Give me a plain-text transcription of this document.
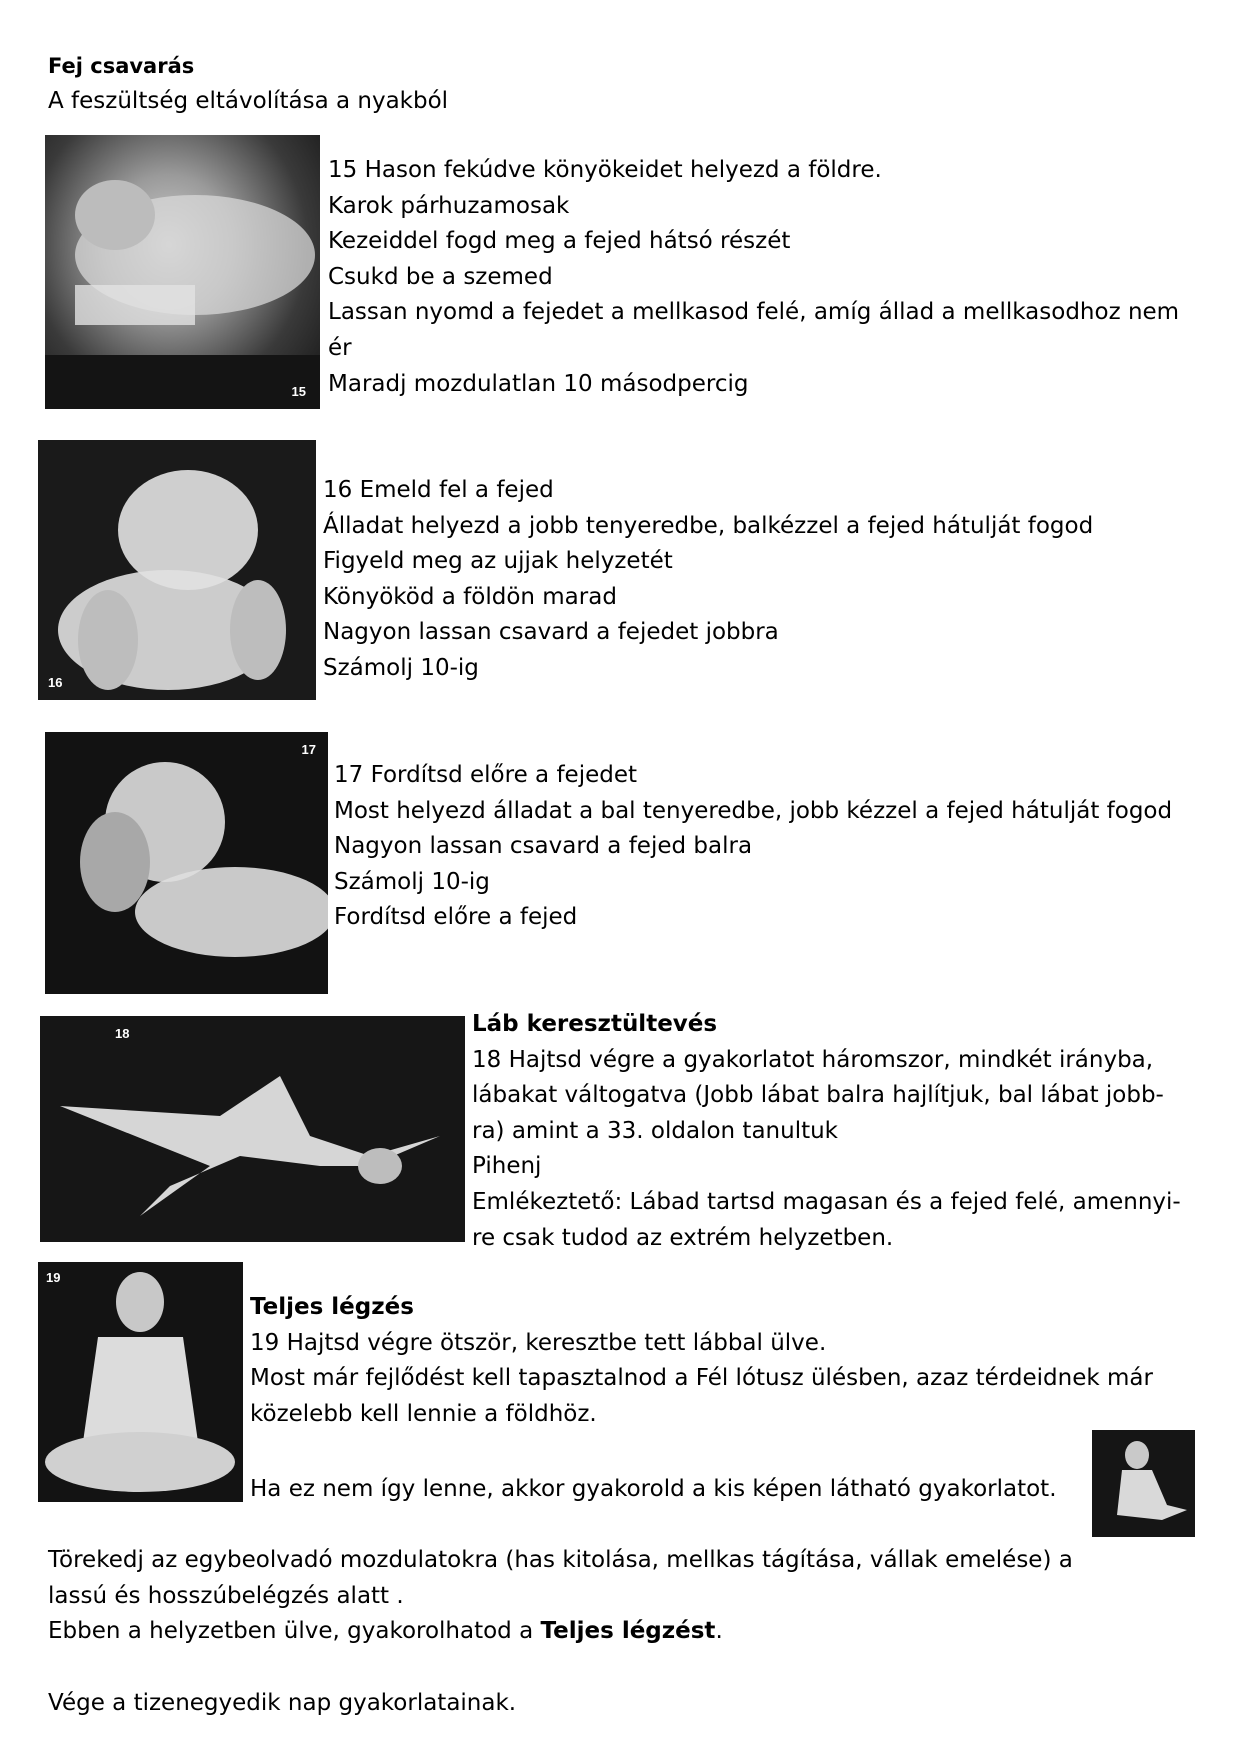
Fej csavarás
A feszültség eltávolítása a nyakból
15
15 Hason fekúdve könyökeidet helyezd a földre.
Karok párhuzamosak
Kezeiddel fogd meg a fejed hátsó részét
Csukd be a szemed
Lassan nyomd a fejedet a mellkasod felé, amíg állad a mellkasodhoz nem
ér
Maradj mozdulatlan 10 másodpercig
16
16 Emeld fel a fejed
Álladat helyezd a jobb tenyeredbe, balkézzel a fejed hátulját fogod
Figyeld meg az ujjak helyzetét
Könyököd a földön marad
Nagyon lassan csavard a fejedet jobbra
Számolj 10-ig
17
17 Fordítsd előre a fejedet
Most helyezd álladat a bal tenyeredbe, jobb kézzel a fejed hátulját fogod
Nagyon lassan csavard a fejed balra
Számolj 10-ig
Fordítsd előre a fejed
18	Láb keresztültevés
18 Hajtsd végre a gyakorlatot háromszor, mindkét irányba,
lábakat váltogatva (Jobb lábat balra hajlítjuk, bal lábat jobb-
ra) amint a 33. oldalon tanultuk
Pihenj
Emlékeztető: Lábad tartsd magasan és a fejed felé, amennyi-
re csak tudod az extrém helyzetben.
19
Teljes légzés
19 Hajtsd végre ötször, keresztbe tett lábbal ülve.
Most már fejlődést kell tapasztalnod a Fél lótusz ülésben, azaz térdeidnek már
közelebb kell lennie a földhöz.
Ha ez nem így lenne, akkor gyakorold a kis képen látható gyakorlatot.
Törekedj az egybeolvadó mozdulatokra (has kitolása, mellkas tágítása, vállak emelése) a
lassú és hosszúbelégzés alatt .
Ebben a helyzetben ülve, gyakorolhatod a Teljes légzést.
Vége a tizenegyedik nap gyakorlatainak.
